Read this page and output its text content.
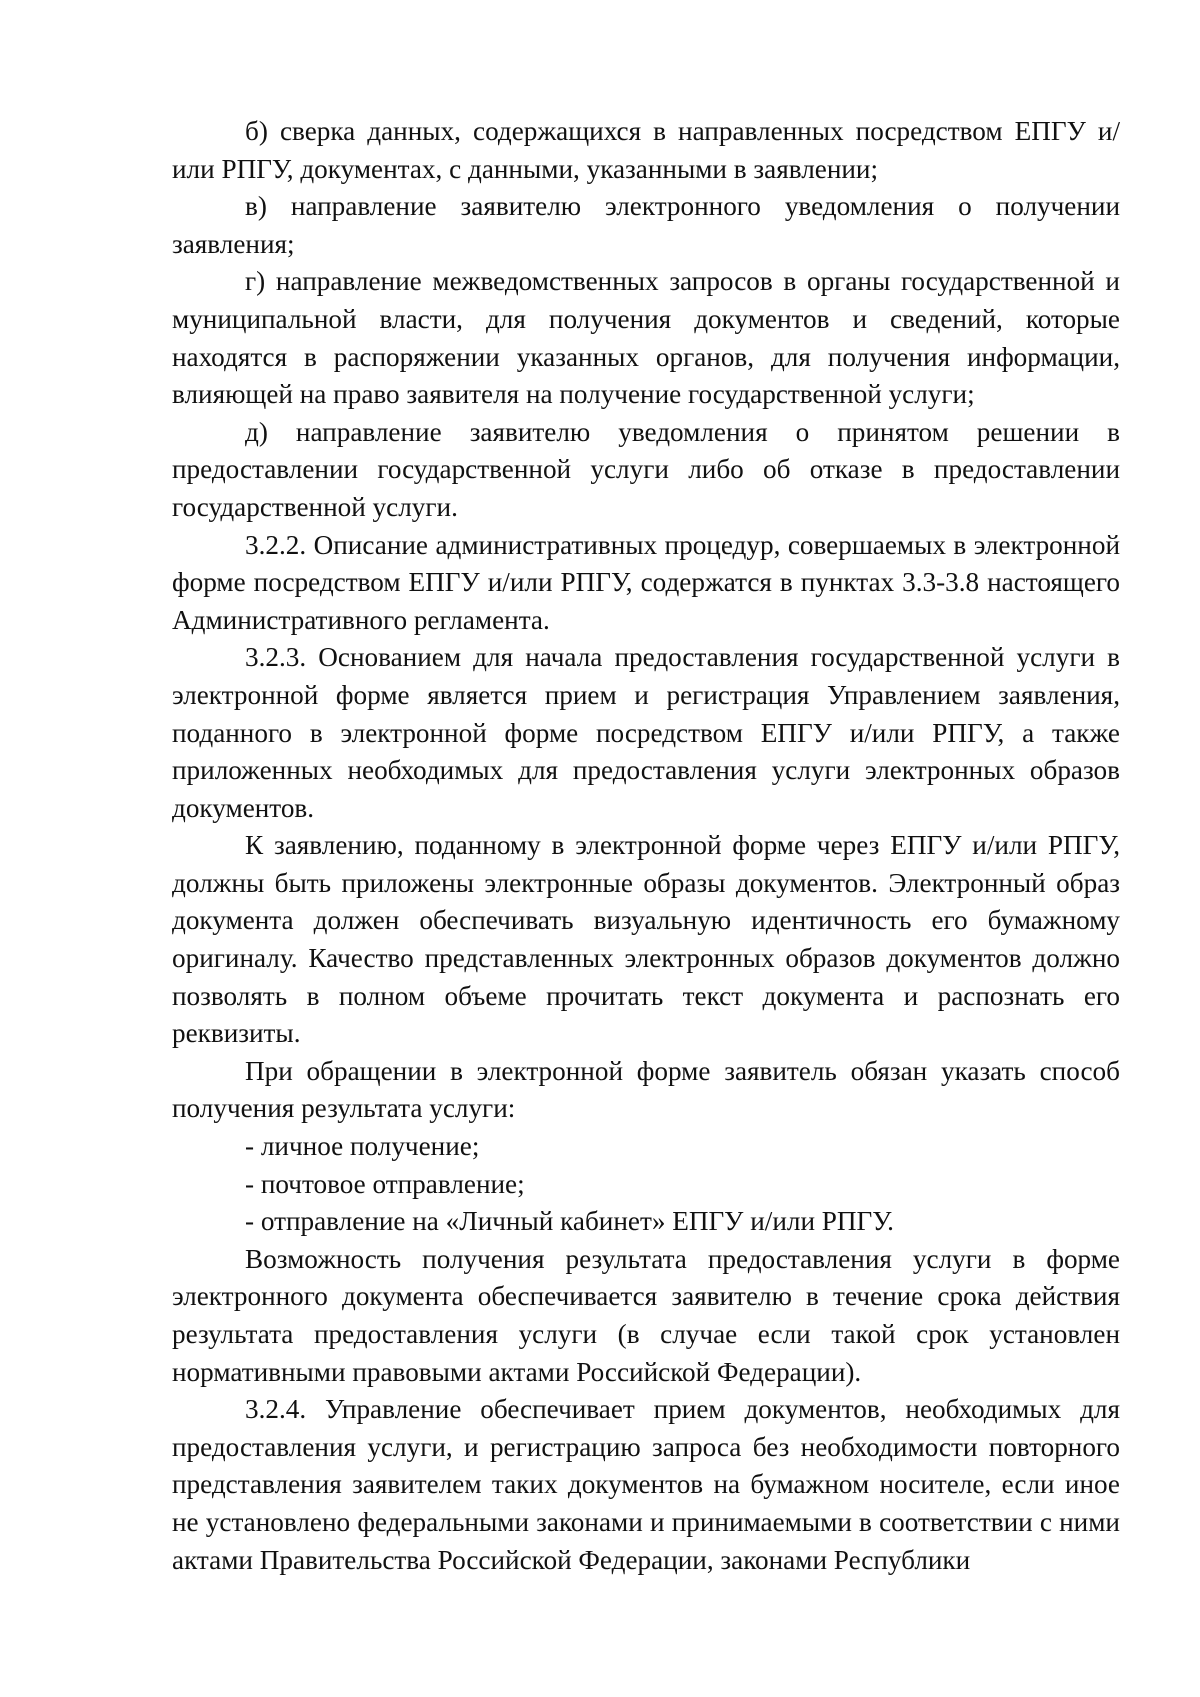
б) сверка данных, содержащихся в направленных посредством ЕПГУ и/или РПГУ, документах, с данными, указанными в заявлении;

в) направление заявителю электронного уведомления о получении заявления;

г) направление межведомственных запросов в органы государственной и муниципальной власти, для получения документов и сведений, которые находятся в распоряжении указанных органов, для получения информации, влияющей на право заявителя на получение государственной услуги;

д) направление заявителю уведомления о принятом решении в предоставлении государственной услуги либо об отказе в предоставлении государственной услуги.

3.2.2. Описание административных процедур, совершаемых в электронной форме посредством ЕПГУ и/или РПГУ, содержатся в пунктах 3.3-3.8 настоящего Административного регламента.

3.2.3. Основанием для начала предоставления государственной услуги в электронной форме является прием и регистрация Управлением заявления, поданного в электронной форме посредством ЕПГУ и/или РПГУ, а также приложенных необходимых для предоставления услуги электронных образов документов.

К заявлению, поданному в электронной форме через ЕПГУ и/или РПГУ, должны быть приложены электронные образы документов. Электронный образ документа должен обеспечивать визуальную идентичность его бумажному оригиналу. Качество представленных электронных образов документов должно позволять в полном объеме прочитать текст документа и распознать его реквизиты.

При обращении в электронной форме заявитель обязан указать способ получения результата услуги:

- личное получение;

- почтовое отправление;

- отправление на «Личный кабинет» ЕПГУ и/или РПГУ.

Возможность получения результата предоставления услуги в форме электронного документа обеспечивается заявителю в течение срока действия результата предоставления услуги (в случае если такой срок установлен нормативными правовыми актами Российской Федерации).

3.2.4. Управление обеспечивает прием документов, необходимых для предоставления услуги, и регистрацию запроса без необходимости повторного представления заявителем таких документов на бумажном носителе, если иное не установлено федеральными законами и принимаемыми в соответствии с ними актами Правительства Российской Федерации, законами Республики
